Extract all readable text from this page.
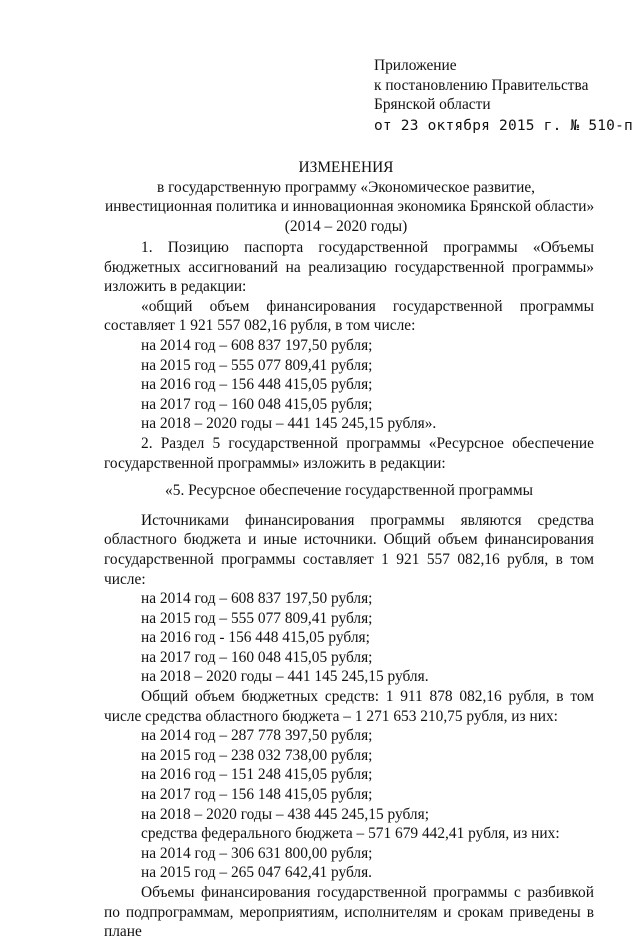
Приложение
к постановлению Правительства
Брянской области
от 23 октября 2015 г. № 510-п
ИЗМЕНЕНИЯ
в государственную программу «Экономическое развитие,
инвестиционная политика и инновационная экономика Брянской области»
(2014 – 2020 годы)

1. Позицию паспорта государственной программы «Объемы бюджетных ассигнований на реализацию государственной программы» изложить в редакции:

«общий объем финансирования государственной программы составляет 1 921 557 082,16 рубля, в том числе:

на 2014 год – 608 837 197,50 рубля;
на 2015 год – 555 077 809,41 рубля;
на 2016 год – 156 448 415,05 рубля;
на 2017 год – 160 048 415,05 рубля;
на 2018 – 2020 годы – 441 145 245,15 рубля».

2. Раздел 5 государственной программы «Ресурсное обеспечение государственной программы» изложить в редакции:

«5. Ресурсное обеспечение государственной программы

Источниками финансирования программы являются средства областного бюджета и иные источники. Общий объем финансирования государственной программы составляет 1 921 557 082,16 рубля, в том числе:

на 2014 год – 608 837 197,50 рубля;
на 2015 год – 555 077 809,41 рубля;
на 2016 год - 156 448 415,05 рубля;
на 2017 год – 160 048 415,05 рубля;
на 2018 – 2020 годы – 441 145 245,15 рубля.

Общий объем бюджетных средств: 1 911 878 082,16 рубля, в том числе средства областного бюджета – 1 271 653 210,75 рубля, из них:

на 2014 год – 287 778 397,50 рубля;
на 2015 год – 238 032 738,00 рубля;
на 2016 год – 151 248 415,05 рубля;
на 2017 год – 156 148 415,05 рубля;
на 2018 – 2020 годы – 438 445 245,15 рубля;
средства федерального бюджета – 571 679 442,41 рубля, из них:
на 2014 год – 306 631 800,00 рубля;
на 2015 год – 265 047 642,41 рубля.

Объемы финансирования государственной программы с разбивкой по подпрограммам, мероприятиям, исполнителям и срокам приведены в плане
